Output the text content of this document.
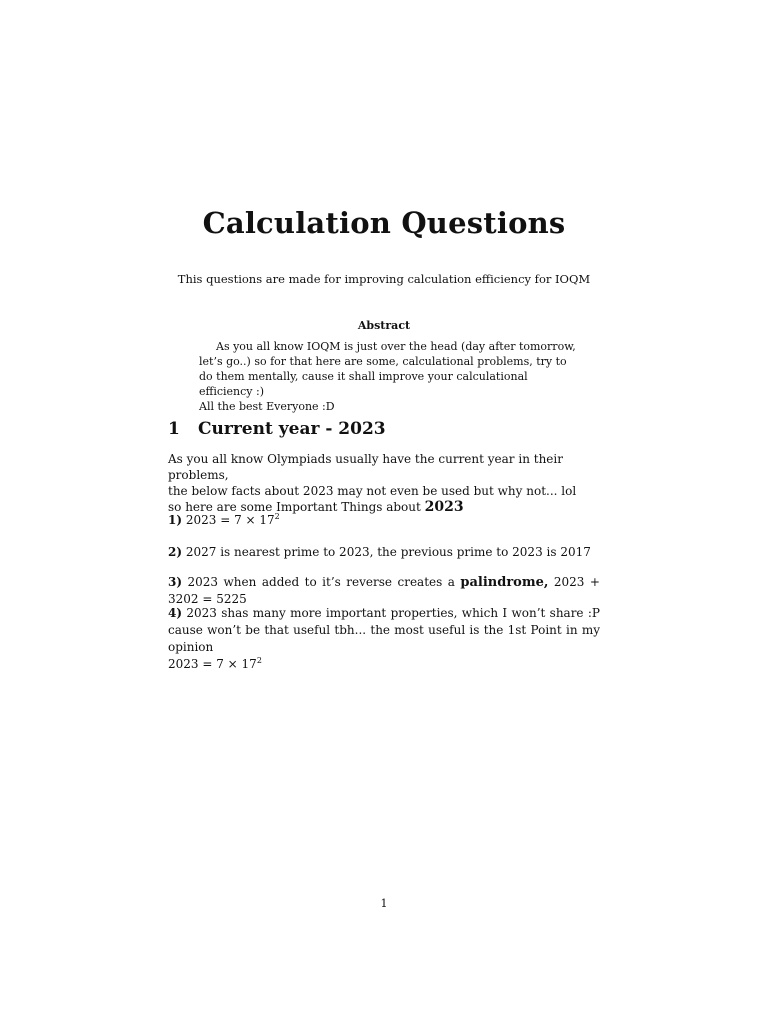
Calculation Questions
This questions are made for improving calculation efficiency for IOQM
Abstract

As you all know IOQM is just over the head (day after tomorrow, let’s go..) so for that here are some, calculational problems, try to do them mentally, cause it shall improve your calculational efficiency :)

All the best Everyone :D

1 Current year - 2023

As you all know Olympiads usually have the current year in their problems,

the below facts about 2023 may not even be used but why not... lol

so here are some Important Things about 2023

1) $2023 = 7 \times 17^2$

2) 2027 is nearest prime to 2023, the previous prime to 2023 is 2017

3) 2023 when added to it’s reverse creates a palindrome, 2023 + 3202 = 5225

4) 2023 shas many more important properties, which I won’t share :P cause won’t be that useful tbh... the most useful is the 1st Point in my opinion

$2023 = 7 \times 17^2$

1
